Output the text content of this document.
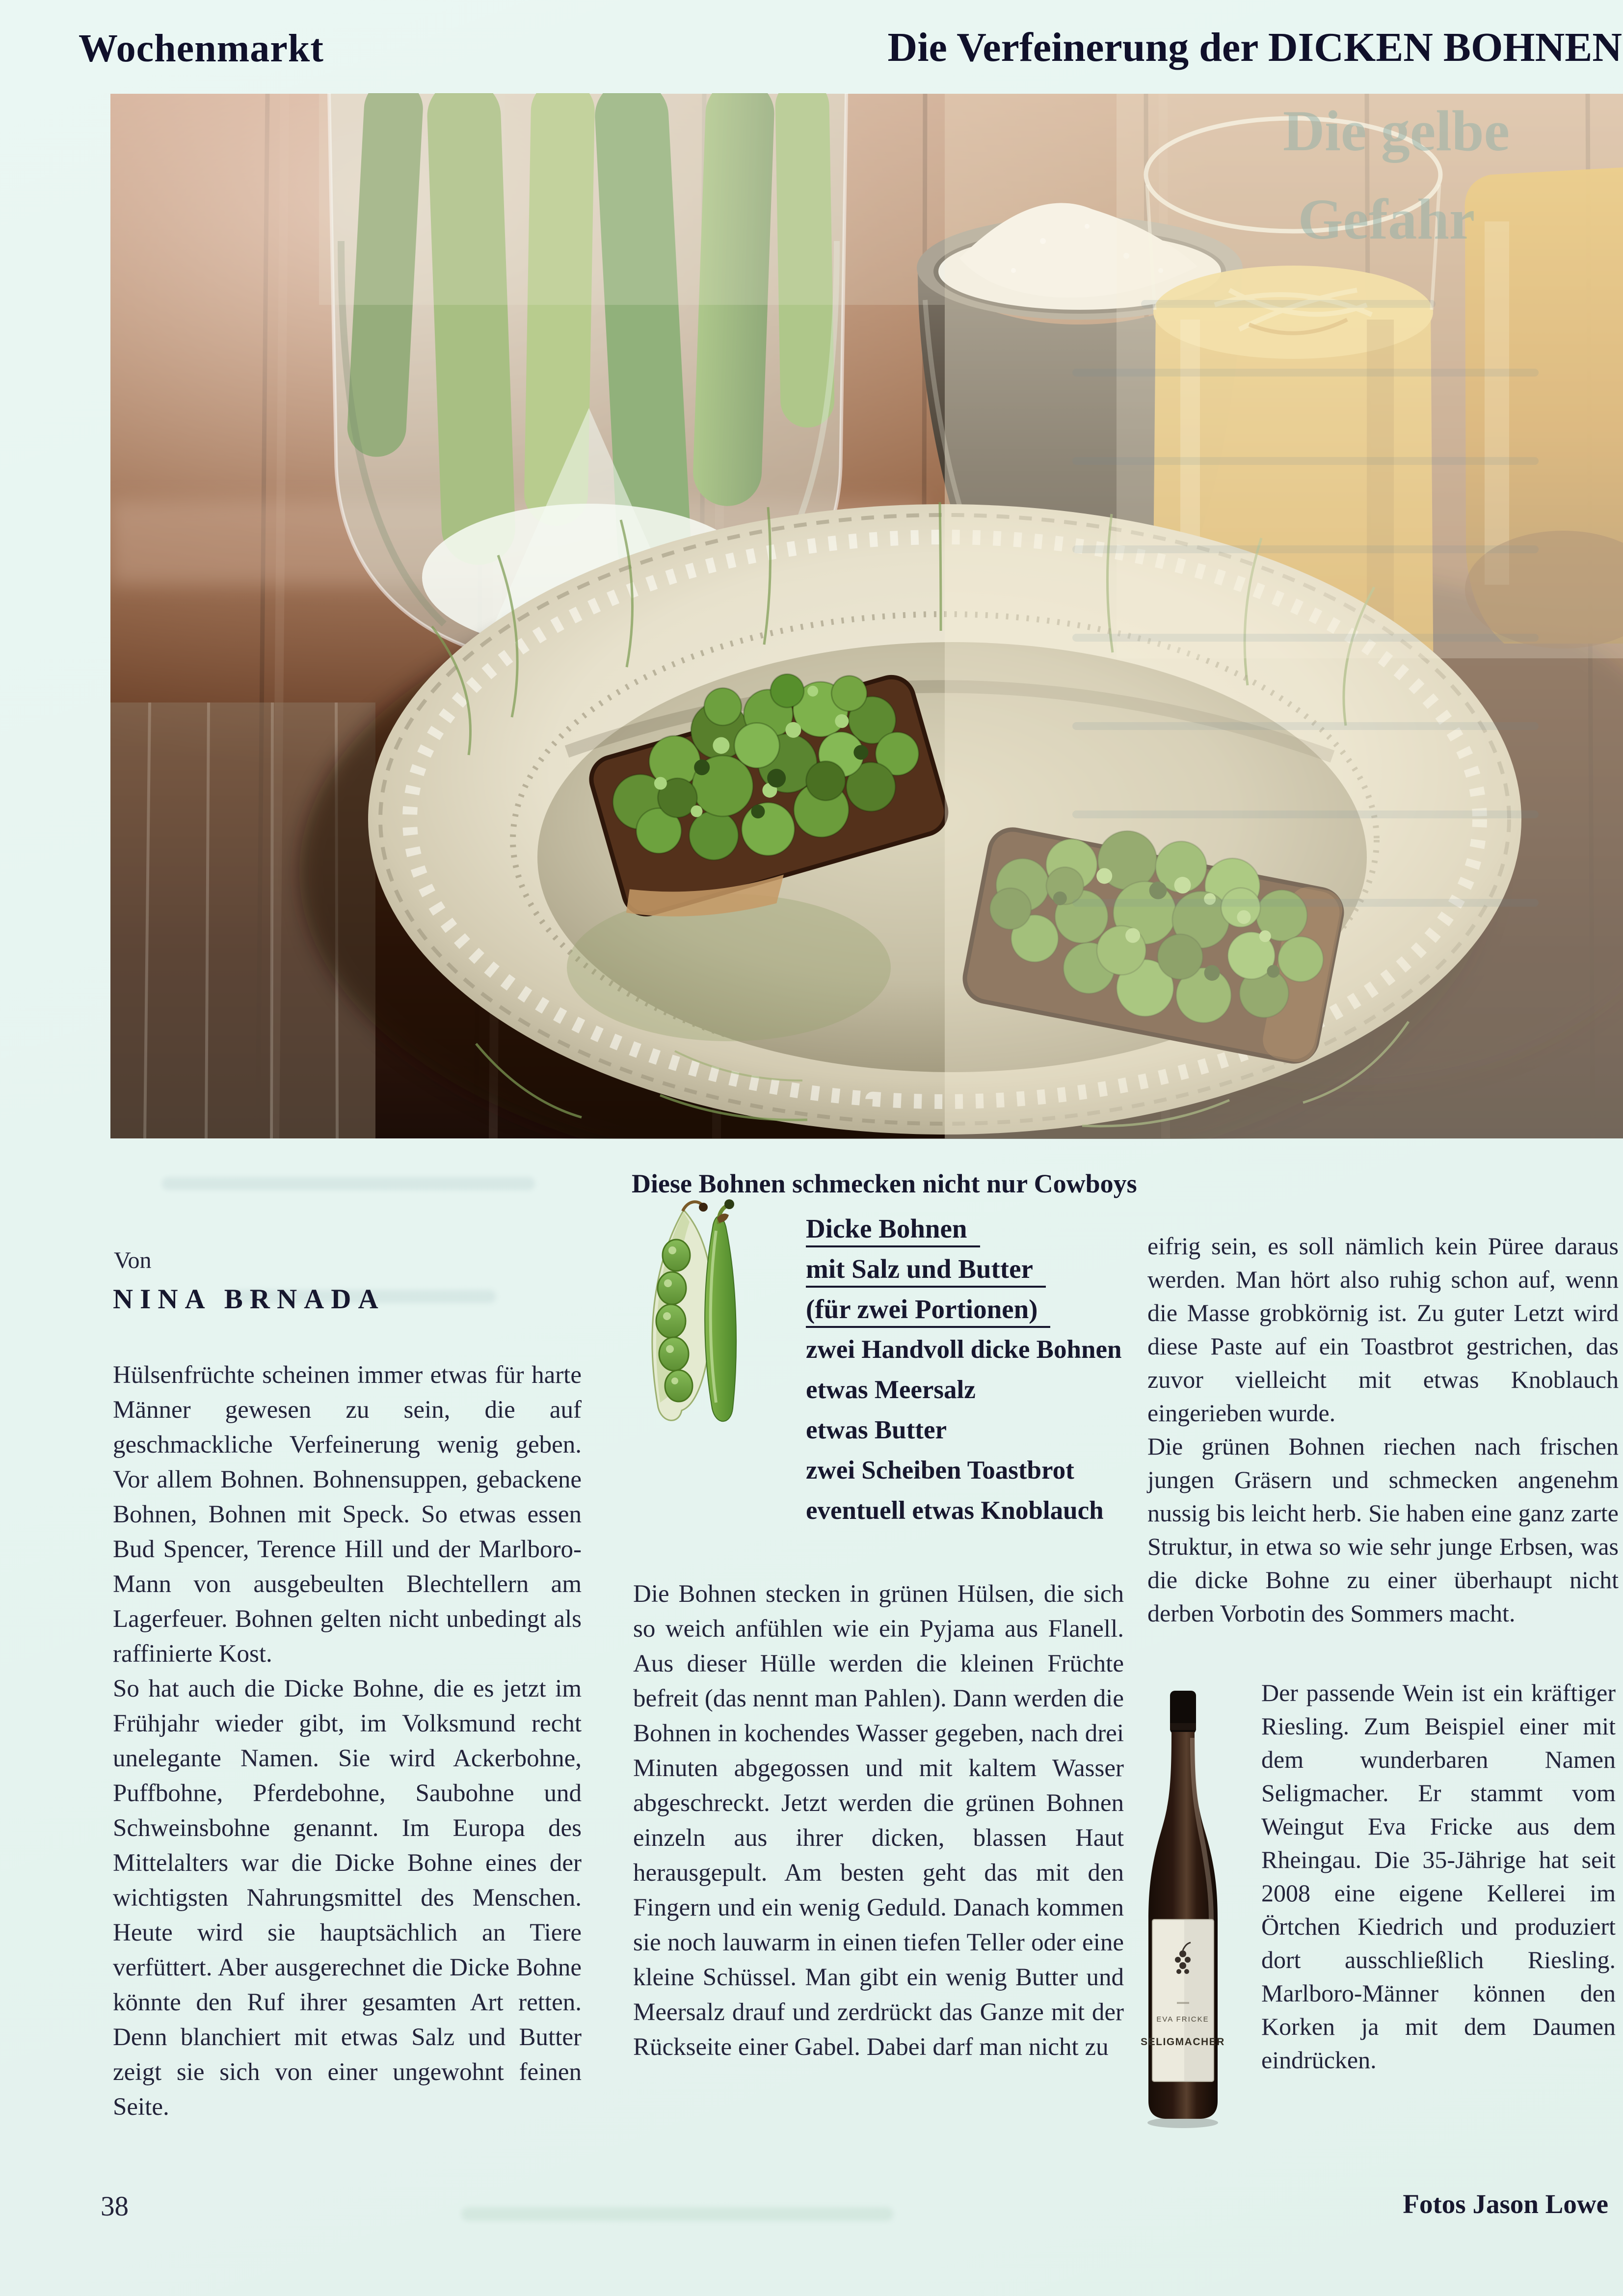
Wochenmarkt	Die Verfeinerung der DICKEN BOHNEN
Die gelbe
Gefahr
Diese Bohnen schmecken nicht nur Cowboys
Von
NINA BRNADA

Hülsenfrüchte scheinen immer etwas für harte Männer gewesen zu sein, die auf geschmackliche Verfeinerung wenig geben. Vor allem Bohnen. Bohnensuppen, gebackene Bohnen, Bohnen mit Speck. So etwas essen Bud Spencer, Terence Hill und der Marlboro-Mann von ausgebeulten Blechtellern am Lagerfeuer. Bohnen gelten nicht unbedingt als raffinierte Kost.

So hat auch die Dicke Bohne, die es jetzt im Frühjahr wieder gibt, im Volksmund recht unelegante Namen. Sie wird Ackerbohne, Puffbohne, Pferdebohne, Saubohne und Schweinsbohne genannt. Im Europa des Mittelalters war die Dicke Bohne eines der wichtigsten Nahrungsmittel des Menschen. Heute wird sie hauptsächlich an Tiere verfüttert. Aber ausgerechnet die Dicke Bohne könnte den Ruf ihrer gesamten Art retten. Denn blanchiert mit etwas Salz und Butter zeigt sie sich von einer ungewohnt feinen Seite.

Dicke Bohnen
mit Salz und Butter
(für zwei Portionen)
zwei Handvoll dicke Bohnen
etwas Meersalz
etwas Butter
zwei Scheiben Toastbrot
eventuell etwas Knoblauch

Die Bohnen stecken in grünen Hülsen, die sich so weich anfühlen wie ein Pyjama aus Flanell. Aus dieser Hülle werden die kleinen Früchte befreit (das nennt man Pahlen). Dann werden die Bohnen in kochendes Wasser gegeben, nach drei Minuten abgegossen und mit kaltem Wasser abgeschreckt. Jetzt werden die grünen Bohnen einzeln aus ihrer dicken, blassen Haut herausgepult. Am besten geht das mit den Fingern und ein wenig Geduld. Danach kommen sie noch lauwarm in einen tiefen Teller oder eine kleine Schüssel. Man gibt ein wenig Butter und Meersalz drauf und zerdrückt das Ganze mit der Rückseite einer Gabel. Dabei darf man nicht zu

eifrig sein, es soll nämlich kein Püree daraus werden. Man hört also ruhig schon auf, wenn die Masse grobkörnig ist. Zu guter Letzt wird diese Paste auf ein Toastbrot gestrichen, das zuvor vielleicht mit etwas Knoblauch eingerieben wurde.

Die grünen Bohnen riechen nach frischen jungen Gräsern und schmecken angenehm nussig bis leicht herb. Sie haben eine ganz zarte Struktur, in etwa so wie sehr junge Erbsen, was die dicke Bohne zu einer überhaupt nicht derben Vorbotin des Sommers macht.

EVA FRICKE
SELIGMACHER

Der passende Wein ist ein kräftiger Riesling. Zum Beispiel einer mit dem wunderbaren Namen Seligmacher. Er stammt vom Weingut Eva Fricke aus dem Rheingau. Die 35-Jährige hat seit 2008 eine eigene Kellerei im Örtchen Kiedrich und produziert dort ausschließlich Riesling. Marlboro-Männer können den Korken ja mit dem Daumen eindrücken.

38	Fotos Jason Lowe
